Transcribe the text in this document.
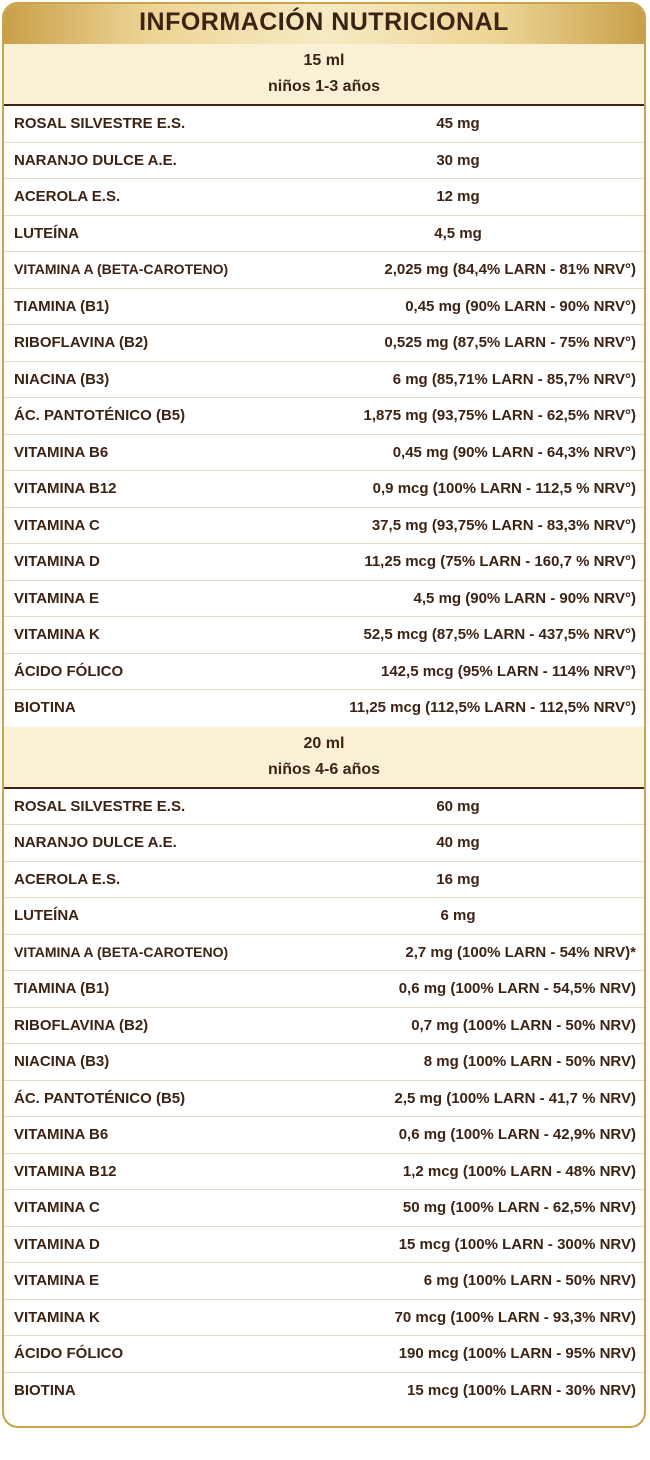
INFORMACIÓN NUTRICIONAL
15 ml
niños 1-3 años
ROSAL SILVESTRE E.S.	45 mg
NARANJO DULCE A.E.	30 mg
ACEROLA E.S.	12 mg
LUTEÍNA	4,5 mg
VITAMINA A (BETA-CAROTENO)	2,025 mg (84,4% LARN - 81% NRV°)
TIAMINA (B1)	0,45 mg (90% LARN - 90% NRV°)
RIBOFLAVINA (B2)	0,525 mg (87,5% LARN - 75% NRV°)
NIACINA (B3)	6 mg (85,71% LARN - 85,7% NRV°)
ÁC. PANTOTÉNICO (B5)	1,875 mg (93,75% LARN - 62,5% NRV°)
VITAMINA B6	0,45 mg (90% LARN - 64,3% NRV°)
VITAMINA B12	0,9 mcg (100% LARN - 112,5 % NRV°)
VITAMINA C	37,5 mg (93,75% LARN - 83,3% NRV°)
VITAMINA D	11,25 mcg (75% LARN - 160,7 % NRV°)
VITAMINA E	4,5 mg (90% LARN - 90% NRV°)
VITAMINA K	52,5 mcg (87,5% LARN - 437,5% NRV°)
ÁCIDO FÓLICO	142,5 mcg (95% LARN - 114% NRV°)
BIOTINA	11,25 mcg (112,5% LARN - 112,5% NRV°)
20 ml
niños 4-6 años
ROSAL SILVESTRE E.S.	60 mg
NARANJO DULCE A.E.	40 mg
ACEROLA E.S.	16 mg
LUTEÍNA	6 mg
VITAMINA A (BETA-CAROTENO)	2,7 mg (100% LARN - 54% NRV)*
TIAMINA (B1)	0,6 mg (100% LARN - 54,5% NRV)
RIBOFLAVINA (B2)	0,7 mg (100% LARN - 50% NRV)
NIACINA (B3)	8 mg (100% LARN - 50% NRV)
ÁC. PANTOTÉNICO (B5)	2,5 mg (100% LARN - 41,7 % NRV)
VITAMINA B6	0,6 mg (100% LARN - 42,9% NRV)
VITAMINA B12	1,2 mcg (100% LARN - 48% NRV)
VITAMINA C	50 mg (100% LARN - 62,5% NRV)
VITAMINA D	15 mcg (100% LARN - 300% NRV)
VITAMINA E	6 mg (100% LARN - 50% NRV)
VITAMINA K	70 mcg (100% LARN - 93,3% NRV)
ÁCIDO FÓLICO	190 mcg (100% LARN - 95% NRV)
BIOTINA	15 mcg (100% LARN - 30% NRV)
